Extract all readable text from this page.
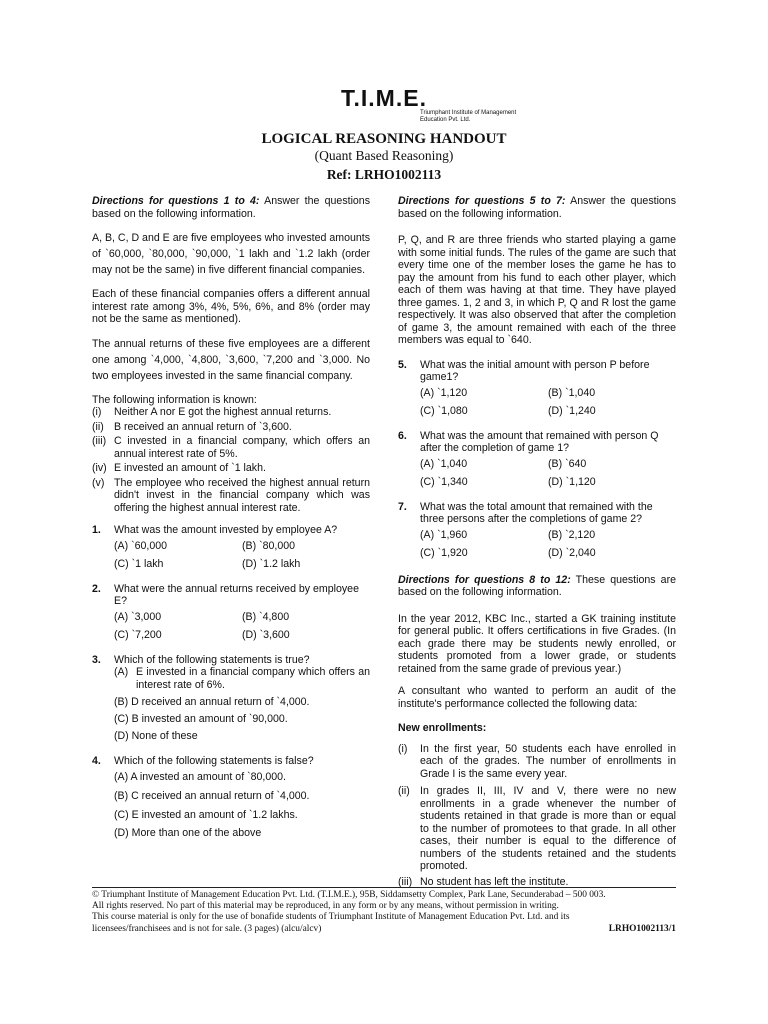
T.I.M.E.
Triumphant Institute of Management Education Pvt. Ltd.
LOGICAL REASONING HANDOUT
(Quant Based Reasoning)
Ref: LRHO1002113

Directions for questions 1 to 4: Answer the questions based on the following information.

A, B, C, D and E are five employees who invested amounts of `60,000, `80,000, `90,000, `1 lakh and `1.2 lakh (order may not be the same) in five different financial companies.

Each of these financial companies offers a different annual interest rate among 3%, 4%, 5%, 6%, and 8% (order may not be the same as mentioned).

The annual returns of these five employees are a different one among `4,000, `4,800, `3,600, `7,200 and `3,000. No two employees invested in the same financial company.

The following information is known:

(i)	Neither A nor E got the highest annual returns.
(ii) B received an annual return of `3,600.
(iii) C invested in a financial company, which offers an annual interest rate of 5%.
(iv) E invested an amount of `1 lakh.
(v) The employee who received the highest annual return didn't invest in the financial company which was offering the highest annual interest rate.
1.	What was the amount invested by employee A?
(A) `60,000	(B) `80,000
(C) `1 lakh	(D) `1.2 lakh
2.	What were the annual returns received by employee E?
(A) `3,000	(B) `4,800
(C) `7,200	(D) `3,600
3.	Which of the following statements is true?
(A) E invested in a financial company which offers an interest rate of 6%.
(B) D received an annual return of `4,000.
(C) B invested an amount of `90,000.
(D) None of these
4.	Which of the following statements is false?
(A) A invested an amount of `80,000.
(B) C received an annual return of `4,000.
(C) E invested an amount of `1.2 lakhs.
(D) More than one of the above

Directions for questions 5 to 7: Answer the questions based on the following information.

P, Q, and R are three friends who started playing a game with some initial funds. The rules of the game are such that every time one of the member loses the game he has to pay the amount from his fund to each other player, which each of them was having at that time. They have played three games. 1, 2 and 3, in which P, Q and R lost the game respectively. It was also observed that after the completion of game 3, the amount remained with each of the three members was equal to `640.

5.	What was the initial amount with person P before game1?
(A) `1,120	(B) `1,040
(C) `1,080	(D) `1,240
6.	What was the amount that remained with person Q after the completion of game 1?
(A) `1,040	(B) `640
(C) `1,340	(D) `1,120
7.	What was the total amount that remained with the three persons after the completions of game 2?
(A) `1,960	(B) `2,120
(C) `1,920	(D) `2,040

Directions for questions 8 to 12: These questions are based on the following information.

In the year 2012, KBC Inc., started a GK training institute for general public. It offers certifications in five Grades. (In each grade there may be students newly enrolled, or students promoted from a lower grade, or students retained from the same grade of previous year.)

A consultant who wanted to perform an audit of the institute's performance collected the following data:

New enrollments:

(i)	In the first year, 50 students each have enrolled in each of the grades. The number of enrollments in Grade I is the same every year.
(ii) In grades II, III, IV and V, there were no new enrollments in a grade whenever the number of students retained in that grade is more than or equal to the number of promotees to that grade. In all other cases, their number is equal to the difference of numbers of the students retained and the students promoted.
(iii) No student has left the institute.
© Triumphant Institute of Management Education Pvt. Ltd. (T.I.M.E.), 95B, Siddamsetty Complex, Park Lane, Secunderabad – 500 003.
All rights reserved. No part of this material may be reproduced, in any form or by any means, without permission in writing.
This course material is only for the use of bonafide students of Triumphant Institute of Management Education Pvt. Ltd. and its
licensees/franchisees and is not for sale. (3 pages) (alcu/alcv)	LRHO1002113/1
